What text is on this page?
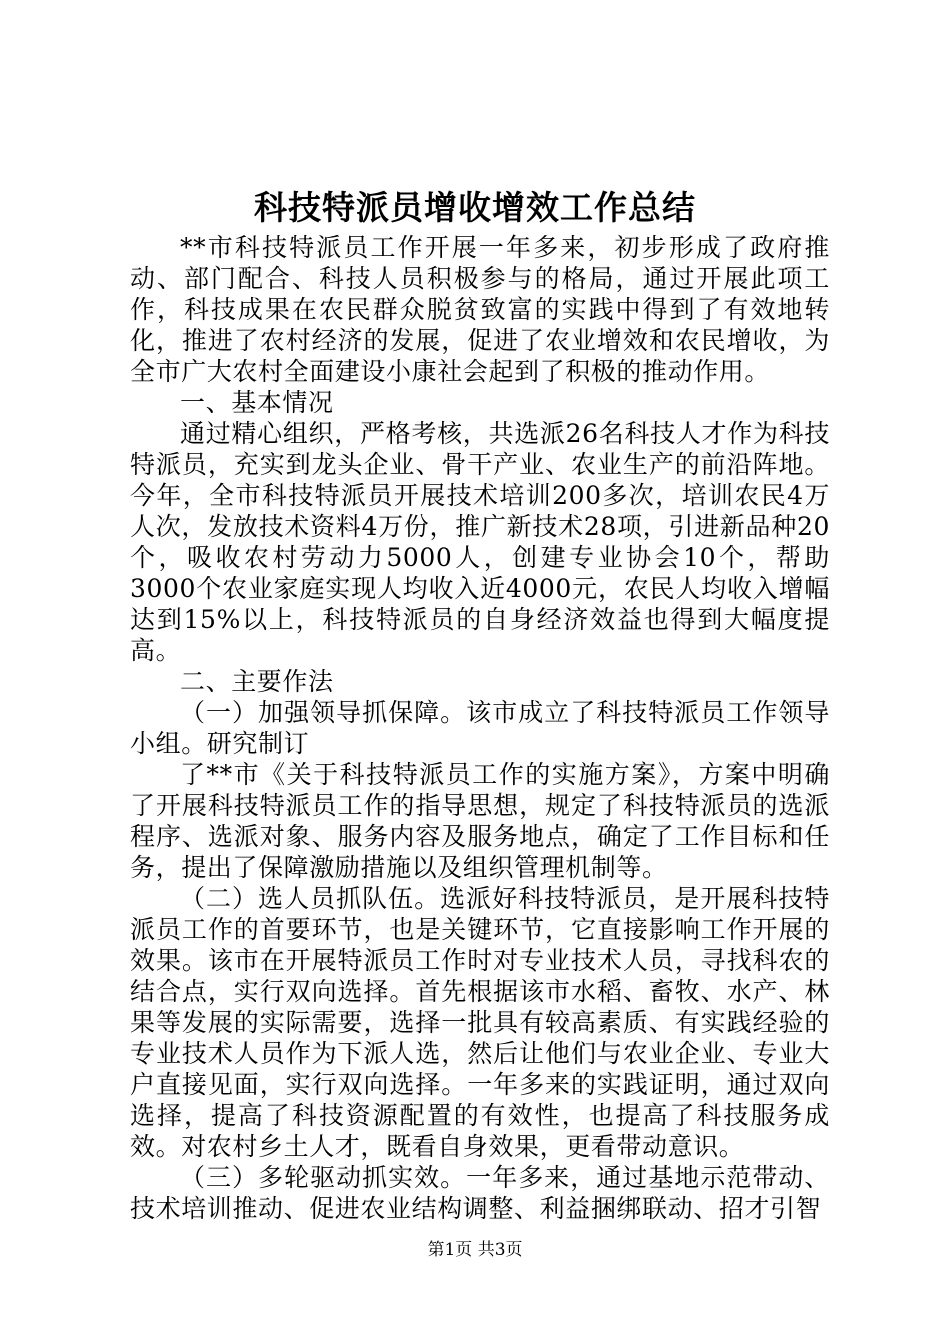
科技特派员增收增效工作总结

**市科技特派员工作开展一年多来，初步形成了政府推动、部门配合、科技人员积极参与的格局，通过开展此项工作，科技成果在农民群众脱贫致富的实践中得到了有效地转化，推进了农村经济的发展，促进了农业增效和农民增收，为全市广大农村全面建设小康社会起到了积极的推动作用。

一、基本情况

通过精心组织，严格考核，共选派26名科技人才作为科技特派员，充实到龙头企业、骨干产业、农业生产的前沿阵地。今年，全市科技特派员开展技术培训200多次，培训农民4万人次，发放技术资料4万份，推广新技术28项，引进新品种20个，吸收农村劳动力5000人，创建专业协会10个，帮助3000个农业家庭实现人均收入近4000元，农民人均收入增幅达到15%以上，科技特派员的自身经济效益也得到大幅度提高。

二、主要作法

（一）加强领导抓保障。该市成立了科技特派员工作领导小组。研究制订

了**市《关于科技特派员工作的实施方案》，方案中明确了开展科技特派员工作的指导思想，规定了科技特派员的选派程序、选派对象、服务内容及服务地点，确定了工作目标和任务，提出了保障激励措施以及组织管理机制等。

（二）选人员抓队伍。选派好科技特派员，是开展科技特派员工作的首要环节，也是关键环节，它直接影响工作开展的效果。该市在开展特派员工作时对专业技术人员，寻找科农的结合点，实行双向选择。首先根据该市水稻、畜牧、水产、林果等发展的实际需要，选择一批具有较高素质、有实践经验的专业技术人员作为下派人选，然后让他们与农业企业、专业大户直接见面，实行双向选择。一年多来的实践证明，通过双向选择，提高了科技资源配置的有效性，也提高了科技服务成效。对农村乡土人才，既看自身效果，更看带动意识。

（三）多轮驱动抓实效。一年多来，通过基地示范带动、技术培训推动、促进农业结构调整、利益捆绑联动、招才引智

第1页 共3页
